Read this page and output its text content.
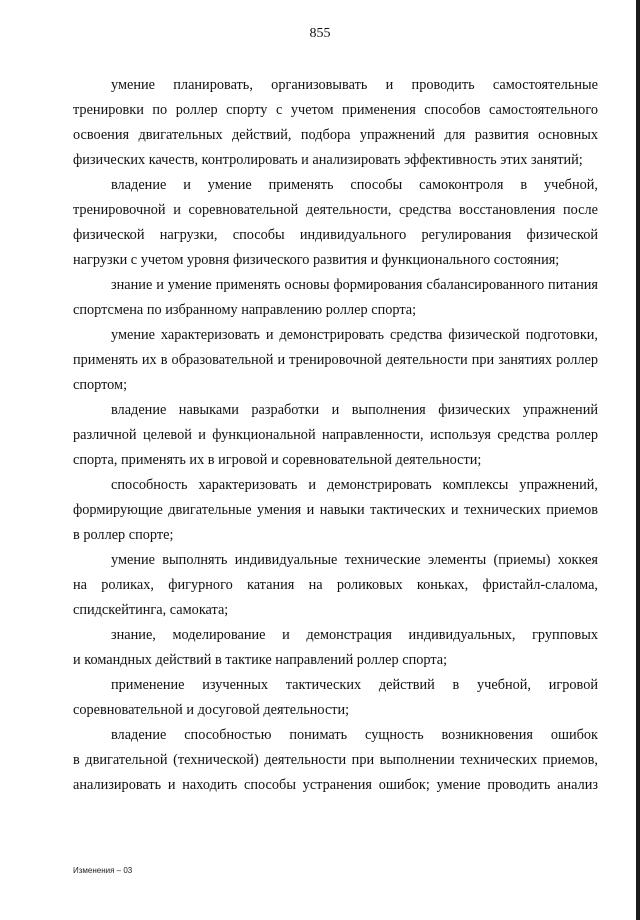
855
умение планировать, организовывать и проводить самостоятельные
тренировки по роллер спорту с учетом применения способов самостоятельного
освоения двигательных действий, подбора упражнений для развития основных
физических качеств, контролировать и анализировать эффективность этих занятий;
владение и умение применять способы самоконтроля в учебной,
тренировочной и соревновательной деятельности, средства восстановления после
физической нагрузки, способы индивидуального регулирования физической
нагрузки с учетом уровня физического развития и функционального состояния;
знание и умение применять основы формирования сбалансированного питания
спортсмена по избранному направлению роллер спорта;
умение характеризовать и демонстрировать средства физической подготовки,
применять их в образовательной и тренировочной деятельности при занятиях роллер
спортом;
владение навыками разработки и выполнения физических упражнений
различной целевой и функциональной направленности, используя средства роллер
спорта, применять их в игровой и соревновательной деятельности;
способность характеризовать и демонстрировать комплексы упражнений,
формирующие двигательные умения и навыки тактических и технических приемов
в роллер спорте;
умение выполнять индивидуальные технические элементы (приемы) хоккея
на роликах, фигурного катания на роликовых коньках, фристайл-слалома,
спидскейтинга, самоката;
знание, моделирование и демонстрация индивидуальных, групповых
и командных действий в тактике направлений роллер спорта;
применение изученных тактических действий в учебной, игровой
соревновательной и досуговой деятельности;
владение способностью понимать сущность возникновения ошибок
в двигательной (технической) деятельности при выполнении технических приемов,
анализировать и находить способы устранения ошибок; умение проводить анализ
Изменения – 03
